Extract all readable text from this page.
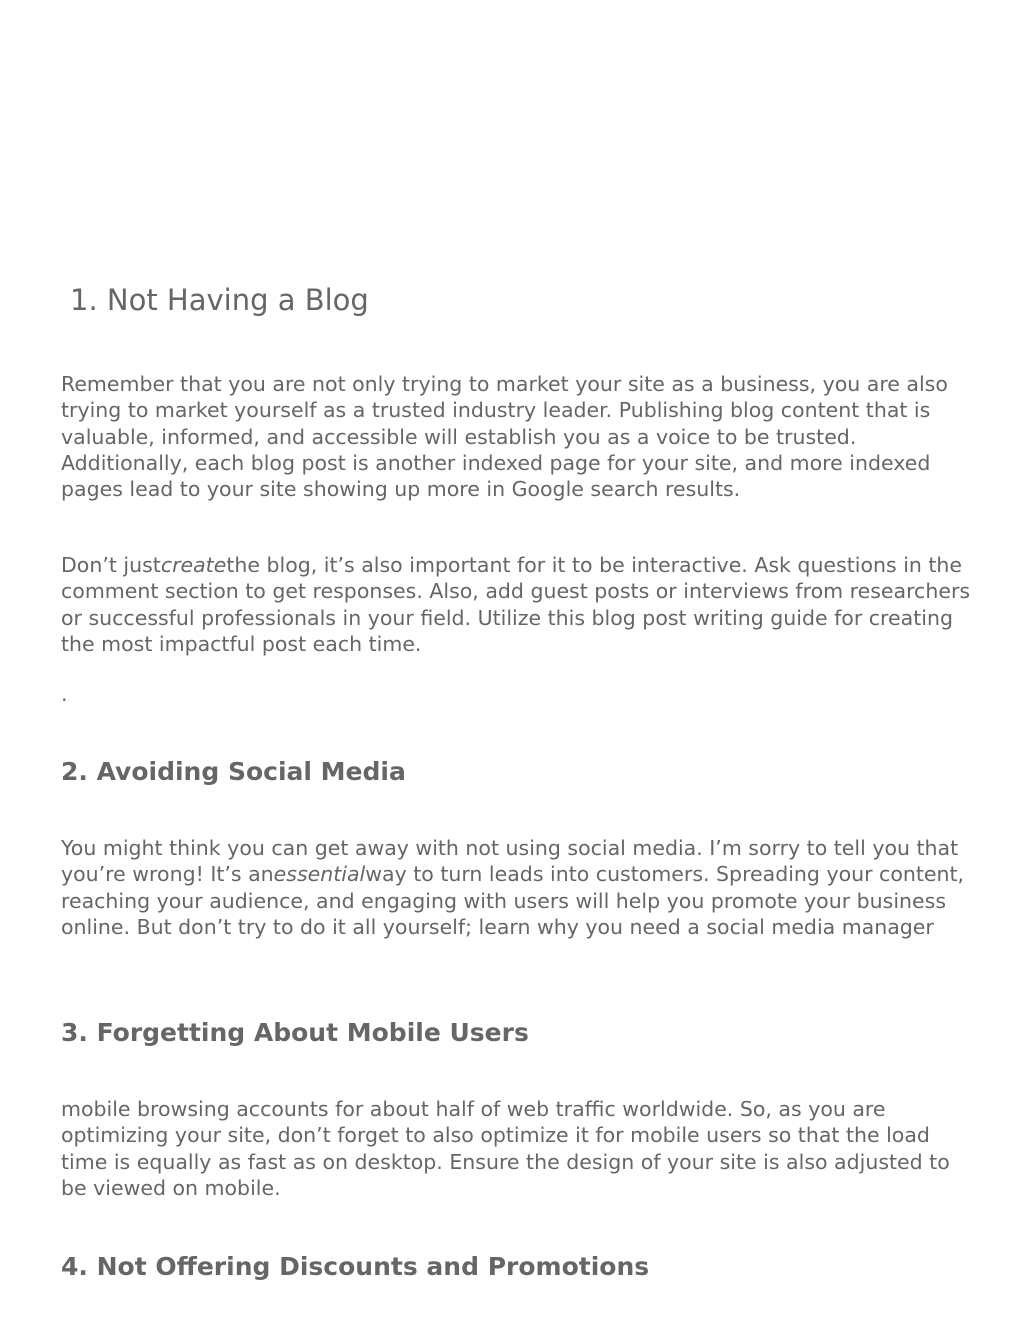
1. Not Having a Blog

Remember that you are not only trying to market your site as a business, you are also trying to market yourself as a trusted industry leader. Publishing blog content that is valuable, informed, and accessible will establish you as a voice to be trusted. Additionally, each blog post is another indexed page for your site, and more indexed pages lead to your site showing up more in Google search results.

Don’t justcreatethe blog, it’s also important for it to be interactive. Ask questions in the comment section to get responses. Also, add guest posts or interviews from researchers or successful professionals in your field. Utilize this blog post writing guide for creating the most impactful post each time.

.

2. Avoiding Social Media

You might think you can get away with not using social media. I’m sorry to tell you that you’re wrong! It’s anessentialway to turn leads into customers. Spreading your content, reaching your audience, and engaging with users will help you promote your business online. But don’t try to do it all yourself; learn why you need a social media manager

3. Forgetting About Mobile Users

mobile browsing accounts for about half of web traffic worldwide. So, as you are optimizing your site, don’t forget to also optimize it for mobile users so that the load time is equally as fast as on desktop. Ensure the design of your site is also adjusted to be viewed on mobile.

4. Not Offering Discounts and Promotions
